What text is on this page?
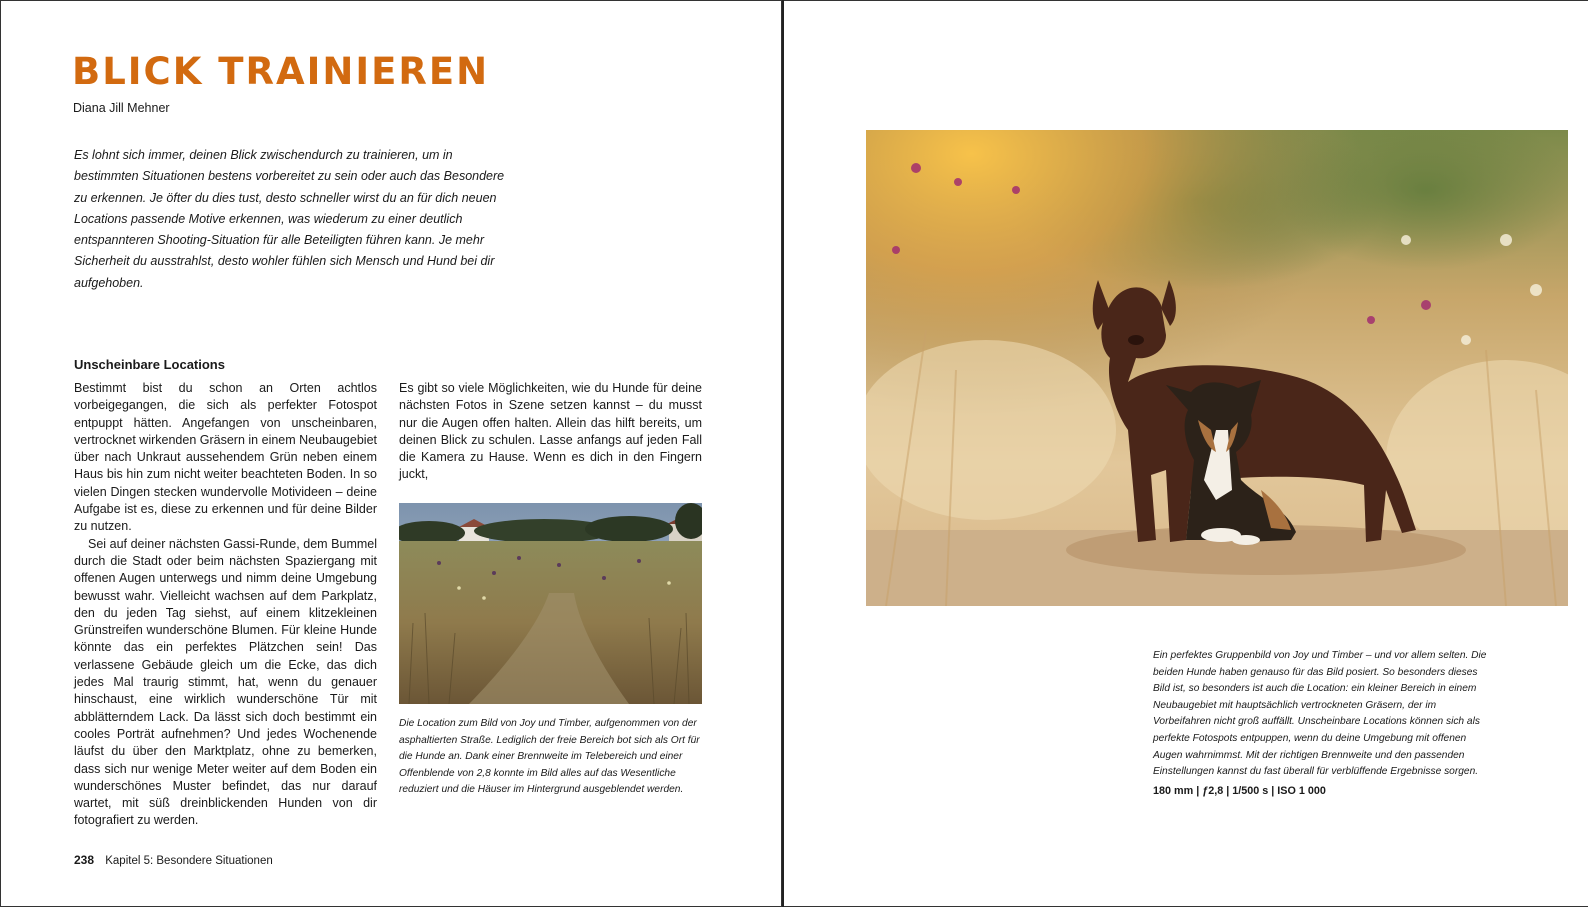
BLICK TRAINIEREN
Diana Jill Mehner

Es lohnt sich immer, deinen Blick zwischendurch zu trainieren, um in bestimmten Situationen bestens vorbereitet zu sein oder auch das Besondere zu erkennen. Je öfter du dies tust, desto schneller wirst du an für dich neuen Locations passende Motive erkennen, was wiederum zu einer deutlich entspannteren Shooting-Situation für alle Beteiligten führen kann. Je mehr Sicherheit du ausstrahlst, desto wohler fühlen sich Mensch und Hund bei dir aufgehoben.

Unscheinbare Locations

Bestimmt bist du schon an Orten achtlos vorbeigegangen, die sich als perfekter Fotospot entpuppt hätten. Angefangen von unscheinbaren, vertrocknet wirkenden Gräsern in einem Neubaugebiet über nach Unkraut aussehendem Grün neben einem Haus bis hin zum nicht weiter beachteten Boden. In so vielen Dingen stecken wundervolle Motivideen – deine Aufgabe ist es, diese zu erkennen und für deine Bilder zu nutzen.

Sei auf deiner nächsten Gassi-Runde, dem Bummel durch die Stadt oder beim nächsten Spaziergang mit offenen Augen unterwegs und nimm deine Umgebung bewusst wahr. Vielleicht wachsen auf dem Parkplatz, den du jeden Tag siehst, auf einem klitzekleinen Grünstreifen wunderschöne Blumen. Für kleine Hunde könnte das ein perfektes Plätzchen sein! Das verlassene Gebäude gleich um die Ecke, das dich jedes Mal traurig stimmt, hat, wenn du genauer hinschaust, eine wirklich wunderschöne Tür mit abblätterndem Lack. Da lässt sich doch bestimmt ein cooles Porträt aufnehmen? Und jedes Wochenende läufst du über den Marktplatz, ohne zu bemerken, dass sich nur wenige Meter weiter auf dem Boden ein wunderschönes Muster befindet, das nur darauf wartet, mit süß dreinblickenden Hunden von dir fotografiert zu werden.

Es gibt so viele Möglichkeiten, wie du Hunde für deine nächsten Fotos in Szene setzen kannst – du musst nur die Augen offen halten. Allein das hilft bereits, um deinen Blick zu schulen. Lasse anfangs auf jeden Fall die Kamera zu Hause. Wenn es dich in den Fingern juckt,

Die Location zum Bild von Joy und Timber, aufgenommen von der asphaltierten Straße. Lediglich der freie Bereich bot sich als Ort für die Hunde an. Dank einer Brennweite im Telebereich und einer Offenblende von 2,8 konnte im Bild alles auf das Wesentliche reduziert und die Häuser im Hintergrund ausgeblendet werden.

238 Kapitel 5: Besondere Situationen

Ein perfektes Gruppenbild von Joy und Timber – und vor allem selten. Die beiden Hunde haben genauso für das Bild posiert. So besonders dieses Bild ist, so besonders ist auch die Location: ein kleiner Bereich in einem Neubaugebiet mit hauptsächlich vertrockneten Gräsern, der im Vorbeifahren nicht groß auffällt. Unscheinbare Locations können sich als perfekte Fotospots entpuppen, wenn du deine Umgebung mit offenen Augen wahrnimmst. Mit der richtigen Brennweite und den passenden Einstellungen kannst du fast überall für verblüffende Ergebnisse sorgen.

180 mm | ƒ2,8 | 1/500 s | ISO 1 000
